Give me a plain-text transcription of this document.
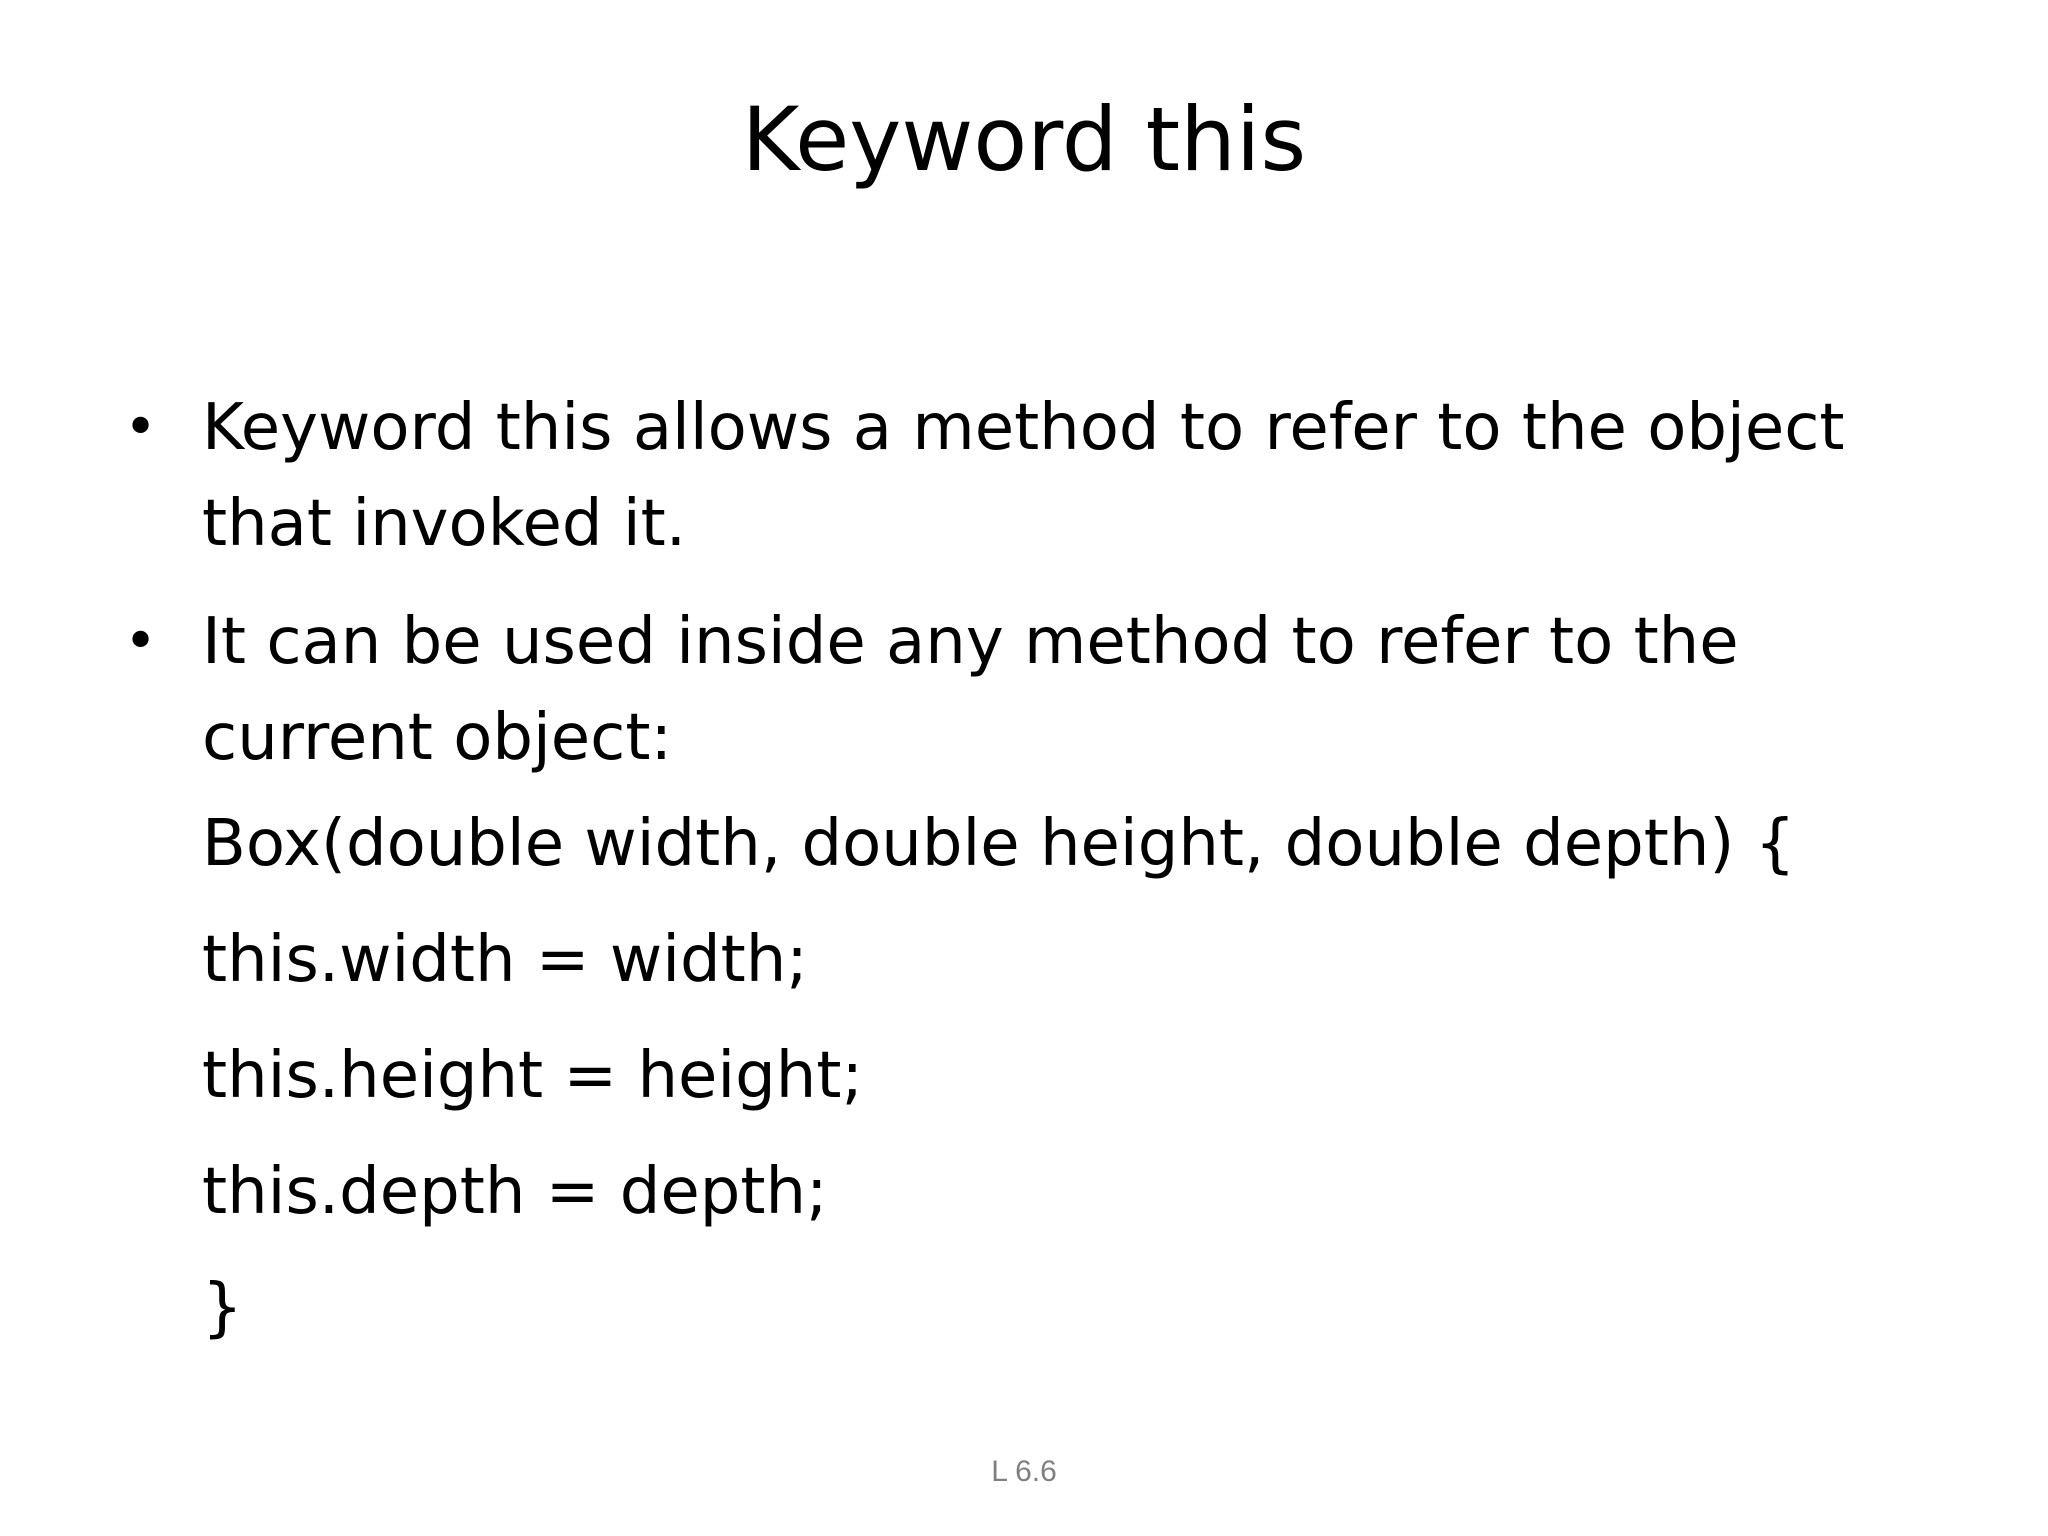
Keyword this
• Keyword this allows a method to refer to the object that invoked it.
• It can be used inside any method to refer to the current object:
Box(double width, double height, double depth) {
this.width = width;
this.height = height;
this.depth = depth;
}
L 6.6
